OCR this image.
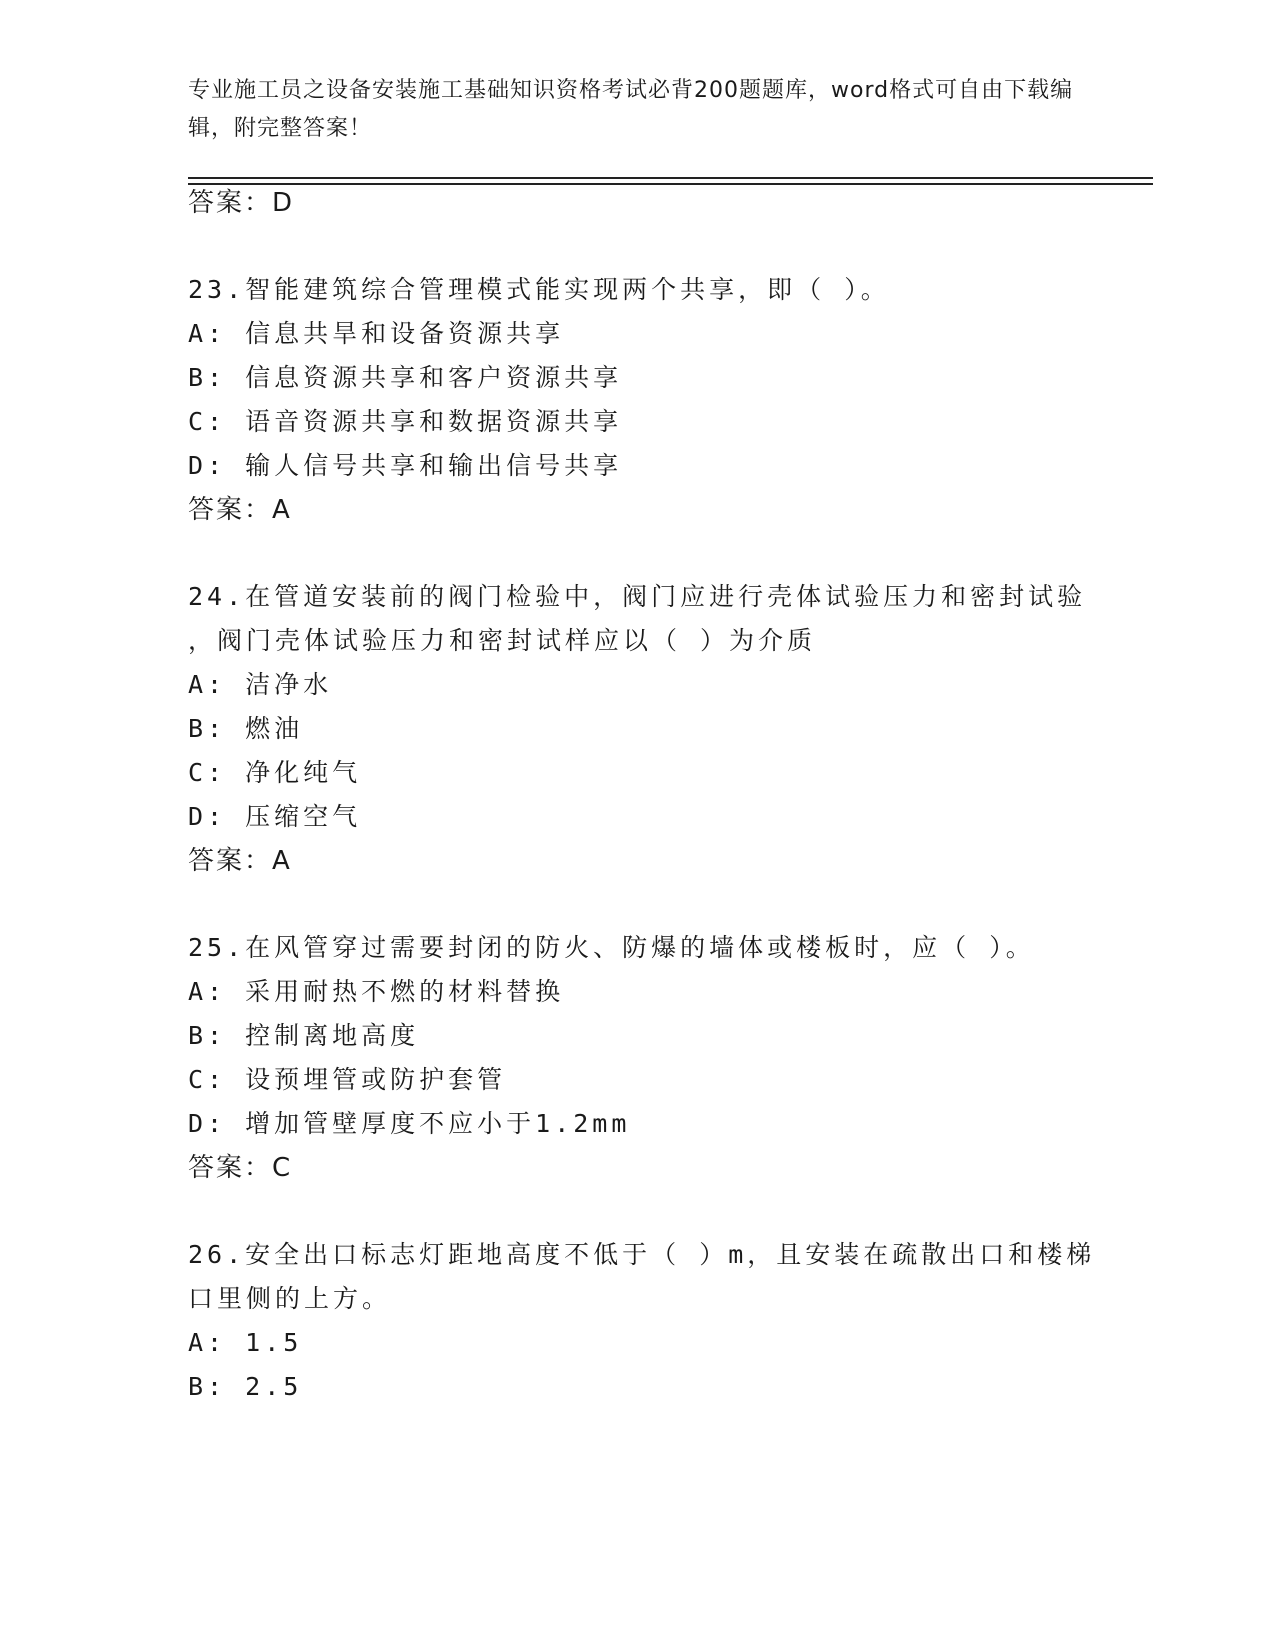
专业施工员之设备安装施工基础知识资格考试必背200题题库，word格式可自由下载编辑，附完整答案！
答案：D
23.智能建筑综合管理模式能实现两个共享，即（ ）。
A: 信息共旱和设备资源共享
B: 信息资源共享和客户资源共享
C: 语音资源共享和数据资源共享
D: 输人信号共享和输出信号共享
答案：A
24.在管道安装前的阀门检验中，阀门应进行壳体试验压力和密封试验
，阀门壳体试验压力和密封试样应以（ ）为介质
A: 洁净水
B: 燃油
C: 净化纯气
D: 压缩空气
答案：A
25.在风管穿过需要封闭的防火、防爆的墙体或楼板时，应（ ）。
A: 采用耐热不燃的材料替换
B: 控制离地高度
C: 设预埋管或防护套管
D: 增加管壁厚度不应小于1.2mm
答案：C
26.安全出口标志灯距地高度不低于（ ）m，且安装在疏散出口和楼梯
口里侧的上方。
A: 1.5
B: 2.5
